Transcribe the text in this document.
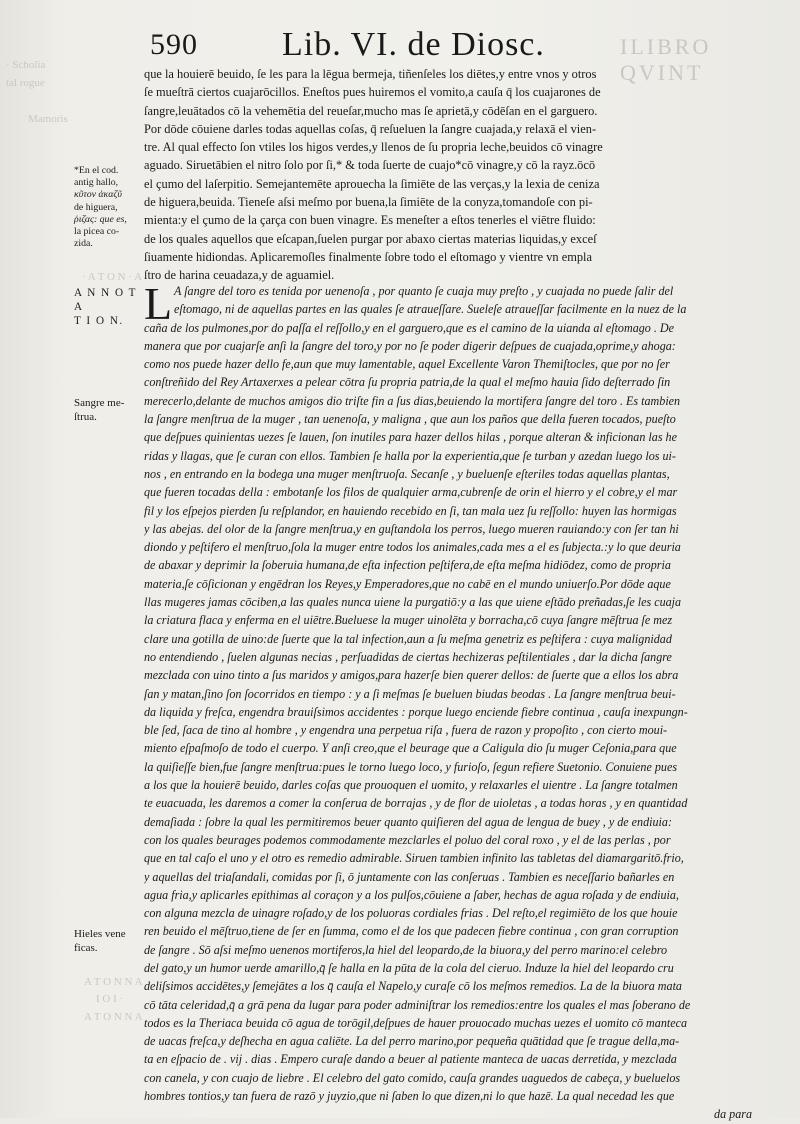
· Scholia
tal rogue
Mamoris
· A T O N · A
A T O N N A
I O I ·
A T O N N A
590 Lib. VI. de Diosc.	ILIBRO QVINT
*En el cod.
antig hallo,
κῦτον ἀκαζῦ
de higuera,
ῥιζας: que es,
la picea co-
zida.
A N N O T A
T I O N.
Sangre me-
ſtrua.
Hieles vene
ficas.
que la houierē beuido, ſe les para la lēgua bermeja, tiñenſeles los diētes,y entre vnos y otros
ſe mueſtrā ciertos cuajarōcillos. Eneſtos pues huiremos el vomito,a cauſa q̄ los cuajarones de
ſangre,leuātados cō la vehemētia del reueſar,mucho mas ſe aprietā,y cōdēſan en el garguero.
Por dōde cōuiene darles todas aquellas coſas, q̄ reſueluen la ſangre cuajada,y relaxā el vien-
tre. Al qual effecto ſon vtiles los higos verdes,y llenos de ſu propria leche,beuidos cō vinagre
aguado. Siruetābien el nitro ſolo por ſi,* & toda ſuerte de cuajo*cō vinagre,y cō la rayz.ōcō
el çumo del laſerpitio. Semejantemēte aprouecha la ſimiēte de las verças,y la lexia de ceniza
de higuera,beuida. Tieneſe aſsi meſmo por buena,la ſimiēte de la conyza,tomandoſe con pi-
mienta:y el çumo de la çarça con buen vinagre. Es meneſter a eſtos tenerles el viētre fluido:
de los quales aquellos que eſcapan,ſuelen purgar por abaxo ciertas materias liquidas,y exceſ
ſiuamente hidiondas. Aplicaremoſles finalmente ſobre todo el eſtomago y vientre vn empla
ſtro de harina ceuadaza,y de aguamiel.
L A ſangre del toro es tenida por uenenoſa , por quanto ſe cuaja muy preſto , y cuajada no puede ſalir del
eſtomago, ni de aquellas partes en las quales ſe atraueſſare. Sueleſe atraueſſar facilmente en la nuez de la
caña de los pulmones,por do paſſa el reſſollo,y en el garguero,que es el camino de la uianda al eſtomago . De
manera que por cuajarſe anſi la ſangre del toro,y por no ſe poder digerir deſpues de cuajada,oprime,y ahoga:
como nos puede hazer dello fe,aun que muy lamentable, aquel Excellente Varon Themiſtocles, que por no ſer
conſtreñido del Rey Artaxerxes a pelear cōtra ſu propria patria,de la qual el meſmo hauia ſido deſterrado ſin
merecerlo,delante de muchos amigos dio triſte fin a ſus dias,beuiendo la mortifera ſangre del toro . Es tambien
la ſangre menſtrua de la muger , tan uenenoſa, y maligna , que aun los paños que della fueren tocados, pueſto
que deſpues quinientas uezes ſe lauen, ſon inutiles para hazer dellos hilas , porque alteran & inficionan las he
ridas y llagas, que ſe curan con ellos. Tambien ſe halla por la experientia,que ſe turban y azedan luego los ui-
nos , en entrando en la bodega una muger menſtruoſa. Secanſe , y bueluenſe eſteriles todas aquellas plantas,
que fueren tocadas della : embotanſe los filos de qualquier arma,cubrenſe de orin el hierro y el cobre,y el mar
fil y los eſpejos pierden ſu reſplandor, en hauiendo recebido en ſi, tan mala uez ſu reſſollo: huyen las hormigas
y las abejas. del olor de la ſangre menſtrua,y en guſtandola los perros, luego mueren rauiando:y con ſer tan hi
diondo y peſtifero el menſtruo,ſola la muger entre todos los animales,cada mes a el es ſubjecta.:y lo que deuria
de abaxar y deprimir la ſoberuia humana,de eſta infection peſtifera,de eſta meſma hidiōdez, como de propria
materia,ſe cōſicionan y engēdran los Reyes,y Emperadores,que no cabē en el mundo uniuerſo.Por dōde aque
llas mugeres jamas cōciben,a las quales nunca uiene la purgatiō:y a las que uiene eſtādo preñadas,ſe les cuaja
la criatura flaca y enferma en el uiētre.Bueluese la muger uinolēta y borracha,cō cuya ſangre mēſtrua ſe mez
clare una gotilla de uino:de ſuerte que la tal infection,aun a ſu meſma genetriz es peſtifera : cuya malignidad
no entendiendo , ſuelen algunas necias , perſuadidas de ciertas hechizeras peſtilentiales , dar la dicha ſangre
mezclada con uino tinto a ſus maridos y amigos,para hazerſe bien querer dellos: de ſuerte que a ellos los abra
ſan y matan,ſino ſon ſocorridos en tiempo : y a ſi meſmas ſe bueluen biudas beodas . La ſangre menſtrua beui-
da liquida y freſca, engendra brauiſsimos accidentes : porque luego enciende fiebre continua , cauſa inexpungn-
ble ſed, ſaca de tino al hombre , y engendra una perpetua riſa , fuera de razon y propoſito , con cierto moui-
miento eſpaſmoſo de todo el cuerpo. Y anſi creo,que el beurage que a Caligula dio ſu muger Ceſonia,para que
la quiſieſſe bien,fue ſangre menſtrua:pues le torno luego loco, y furioſo, ſegun refiere Suetonio. Conuiene pues
a los que la houierē beuido, darles coſas que prouoquen el uomito, y relaxarles el uientre . La ſangre totalmen
te euacuada, les daremos a comer la conſerua de borrajas , y de flor de uioletas , a todas horas , y en quantidad
demaſiada : ſobre la qual les permitiremos beuer quanto quiſieren del agua de lengua de buey , y de endiuia:
con los quales beurages podemos commodamente mezclarles el poluo del coral roxo , y el de las perlas , por
que en tal caſo el uno y el otro es remedio admirable. Siruen tambien infinito las tabletas del diamargaritō.frio,
y aquellas del triaſandali, comidas por ſi, ō juntamente con las conſeruas . Tambien es neceſſario bañarles en
agua fria,y aplicarles epithimas al coraçon y a los pulſos,cōuiene a ſaber, hechas de agua roſada y de endiuia,
con alguna mezcla de uinagre roſado,y de los poluoras cordiales frias . Del reſto,el regimiēto de los que houie
ren beuido el mēſtruo,tiene de ſer en ſumma, como el de los que padecen fiebre continua , con gran corruption
de ſangre . Sō aſsi meſmo uenenos mortiferos,la hiel del leopardo,de la biuora,y del perro marino:el celebro
del gato,y un humor uerde amarillo,q̄ ſe halla en la pūta de la cola del cieruo. Induze la hiel del leopardo cru
deliſsimos accidētes,y ſemejātes a los q̄ cauſa el Napelo,y curaſe cō los meſmos remedios. La de la biuora mata
cō tāta celeridad,q̄ a grā pena da lugar para poder adminiſtrar los remedios:entre los quales el mas ſoberano de
todos es la Theriaca beuida cō agua de torōgil,deſpues de hauer prouocado muchas uezes el uomito cō manteca
de uacas freſca,y deſhecha en agua caliēte. La del perro marino,por pequeña quātidad que ſe trague della,ma-
ta en eſpacio de . vij . dias . Empero curaſe dando a beuer al patiente manteca de uacas derretida, y mezclada
con canela, y con cuajo de liebre . El celebro del gato comido, cauſa grandes uaguedos de cabeça, y bueluelos
hombres tontios,y tan fuera de razō y juyzio,que ni ſaben lo que dizen,ni lo que hazē. La qual necedad les que
da para
